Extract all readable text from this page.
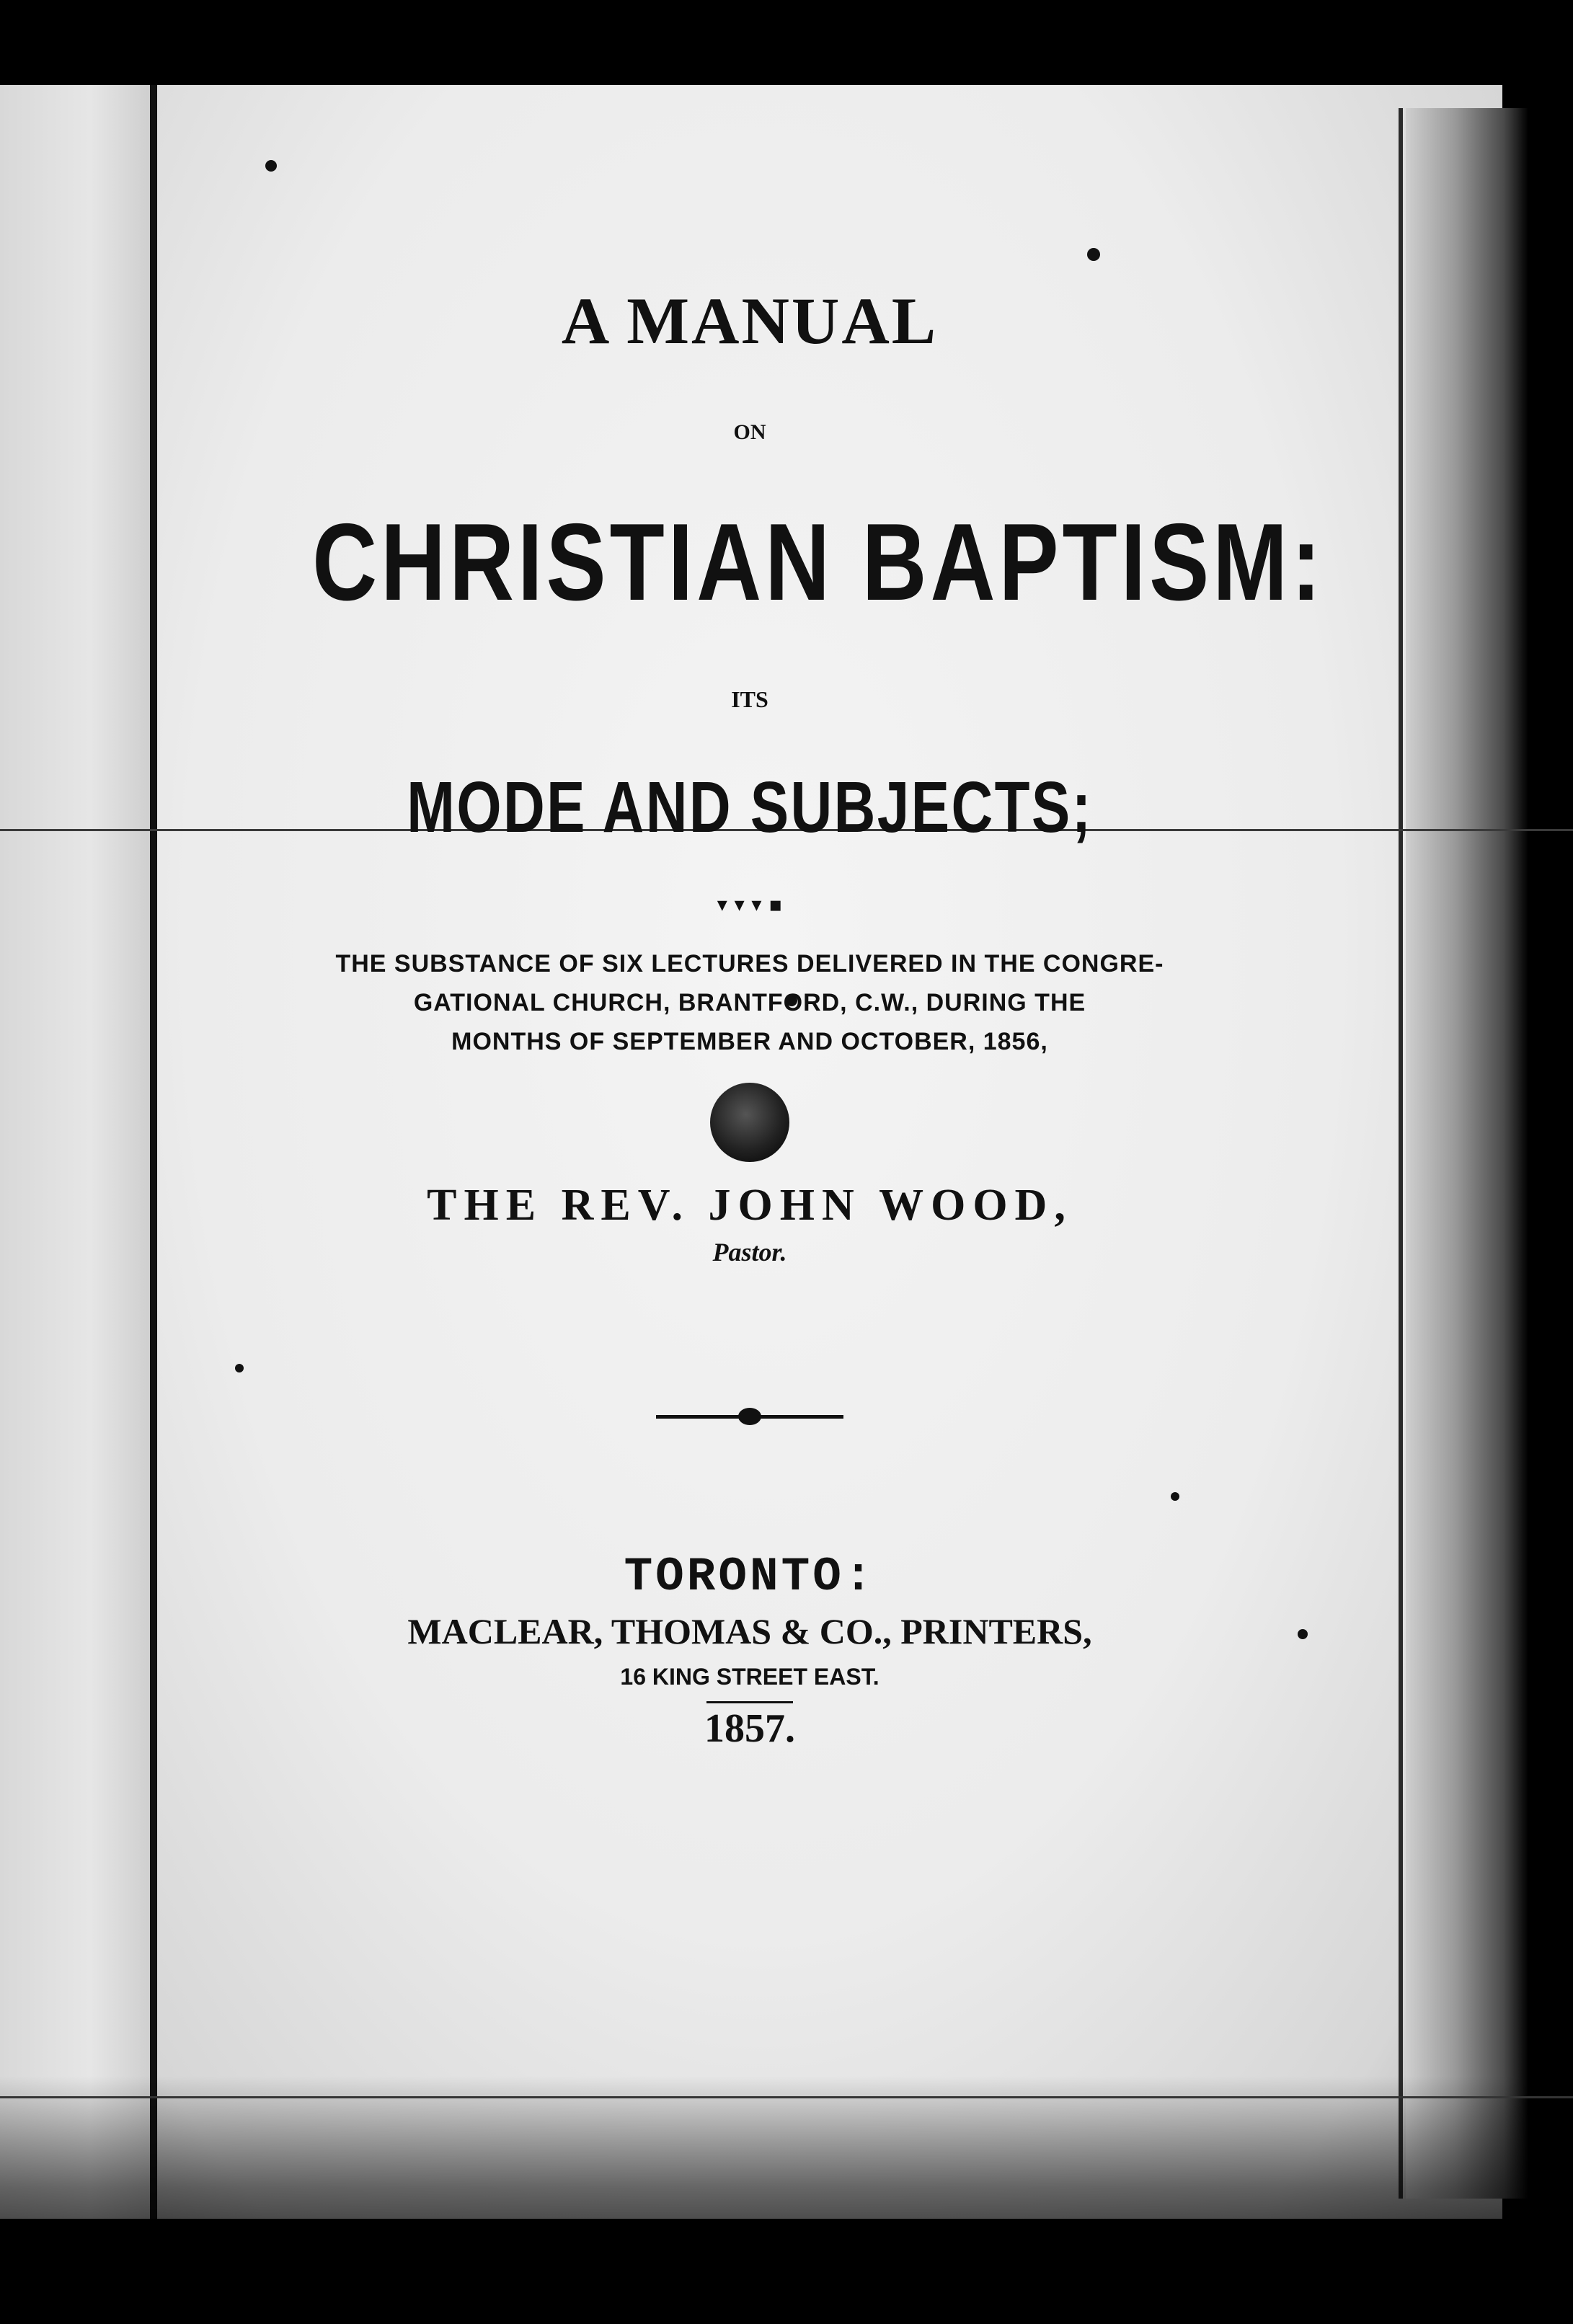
A MANUAL
ON
CHRISTIAN BAPTISM:
ITS
MODE AND SUBJECTS;
▾ ▾ ▾ ▪
THE SUBSTANCE OF SIX LECTURES DELIVERED IN THE CONGRE-
GATIONAL CHURCH, BRANTFORD, C.W., DURING THE
MONTHS OF SEPTEMBER AND OCTOBER, 1856,
THE REV. JOHN WOOD,
Pastor.
TORONTO:
MACLEAR, THOMAS & CO., PRINTERS,
16 KING STREET EAST.
1857.
